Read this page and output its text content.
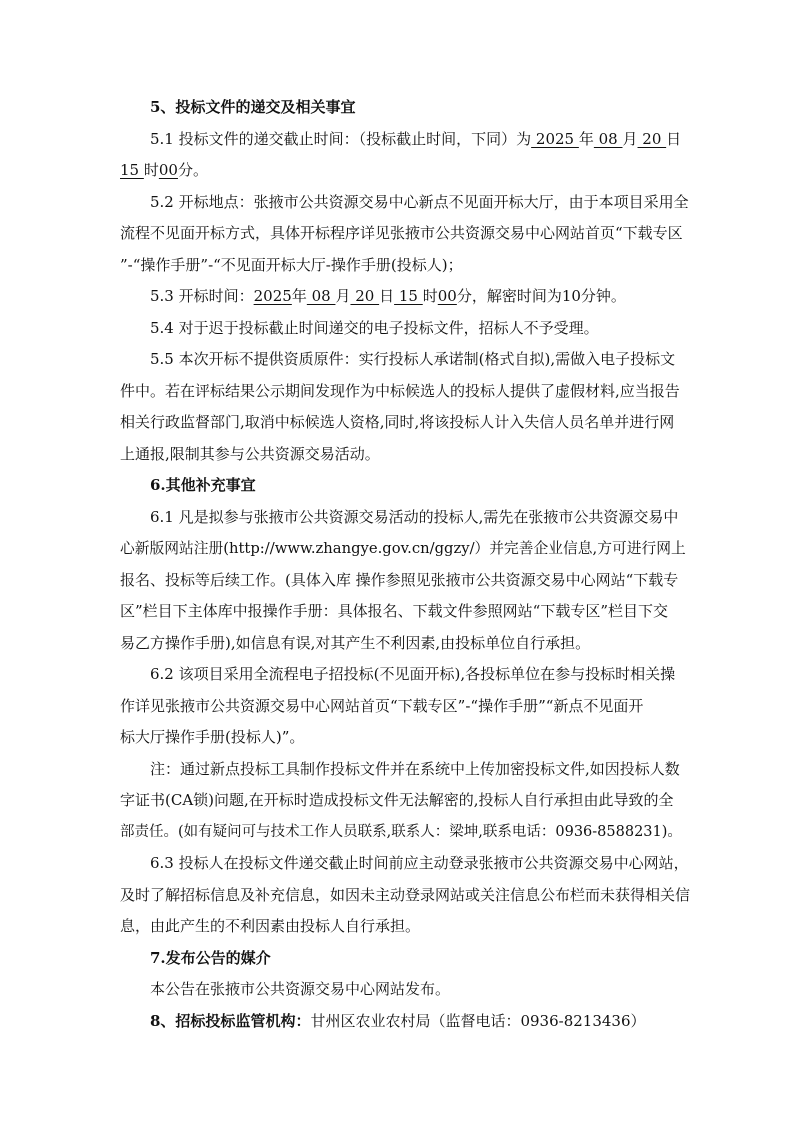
5、投标文件的递交及相关事宜

5.1 投标文件的递交截止时间：（投标截止时间，下同）为 2025 年 08 月 20 日

15 时00分。

5.2 开标地点：张掖市公共资源交易中心新点不见面开标大厅，由于本项目采用全

流程不见面开标方式，具体开标程序详见张掖市公共资源交易中心网站首页“下载专区

”-“操作手册”-“不见面开标大厅-操作手册(投标人)；

5.3 开标时间：2025年 08 月 20 日 15 时00分，解密时间为10分钟。

5.4 对于迟于投标截止时间递交的电子投标文件，招标人不予受理。

5.5 本次开标不提供资质原件：实行投标人承诺制(格式自拟),需做入电子投标文

件中。若在评标结果公示期间发现作为中标候选人的投标人提供了虚假材料,应当报告

相关行政监督部门,取消中标候选人资格,同时,将该投标人计入失信人员名单并进行网

上通报,限制其参与公共资源交易活动。

6.其他补充事宜

6.1 凡是拟参与张掖市公共资源交易活动的投标人,需先在张掖市公共资源交易中

心新版网站注册(http://www.zhangye.gov.cn/ggzy/）并完善企业信息,方可进行网上

报名、投标等后续工作。(具体入库 操作参照见张掖市公共资源交易中心网站“下载专

区”栏目下主体库中报操作手册：具体报名、下载文件参照网站“下载专区”栏目下交

易乙方操作手册),如信息有误,对其产生不利因素,由投标单位自行承担。

6.2 该项目采用全流程电子招投标(不见面开标),各投标单位在参与投标时相关操

作详见张掖市公共资源交易中心网站首页“下载专区”-“操作手册”“新点不见面开

标大厅操作手册(投标人)”。

注：通过新点投标工具制作投标文件并在系统中上传加密投标文件,如因投标人数

字证书(CA锁)问题,在开标时造成投标文件无法解密的,投标人自行承担由此导致的全

部责任。(如有疑问可与技术工作人员联系,联系人：梁坤,联系电话：0936-8588231)。

6.3 投标人在投标文件递交截止时间前应主动登录张掖市公共资源交易中心网站，

及时了解招标信息及补充信息，如因未主动登录网站或关注信息公布栏而未获得相关信

息，由此产生的不利因素由投标人自行承担。

7.发布公告的媒介

本公告在张掖市公共资源交易中心网站发布。

8、招标投标监管机构：甘州区农业农村局（监督电话：0936-8213436）
